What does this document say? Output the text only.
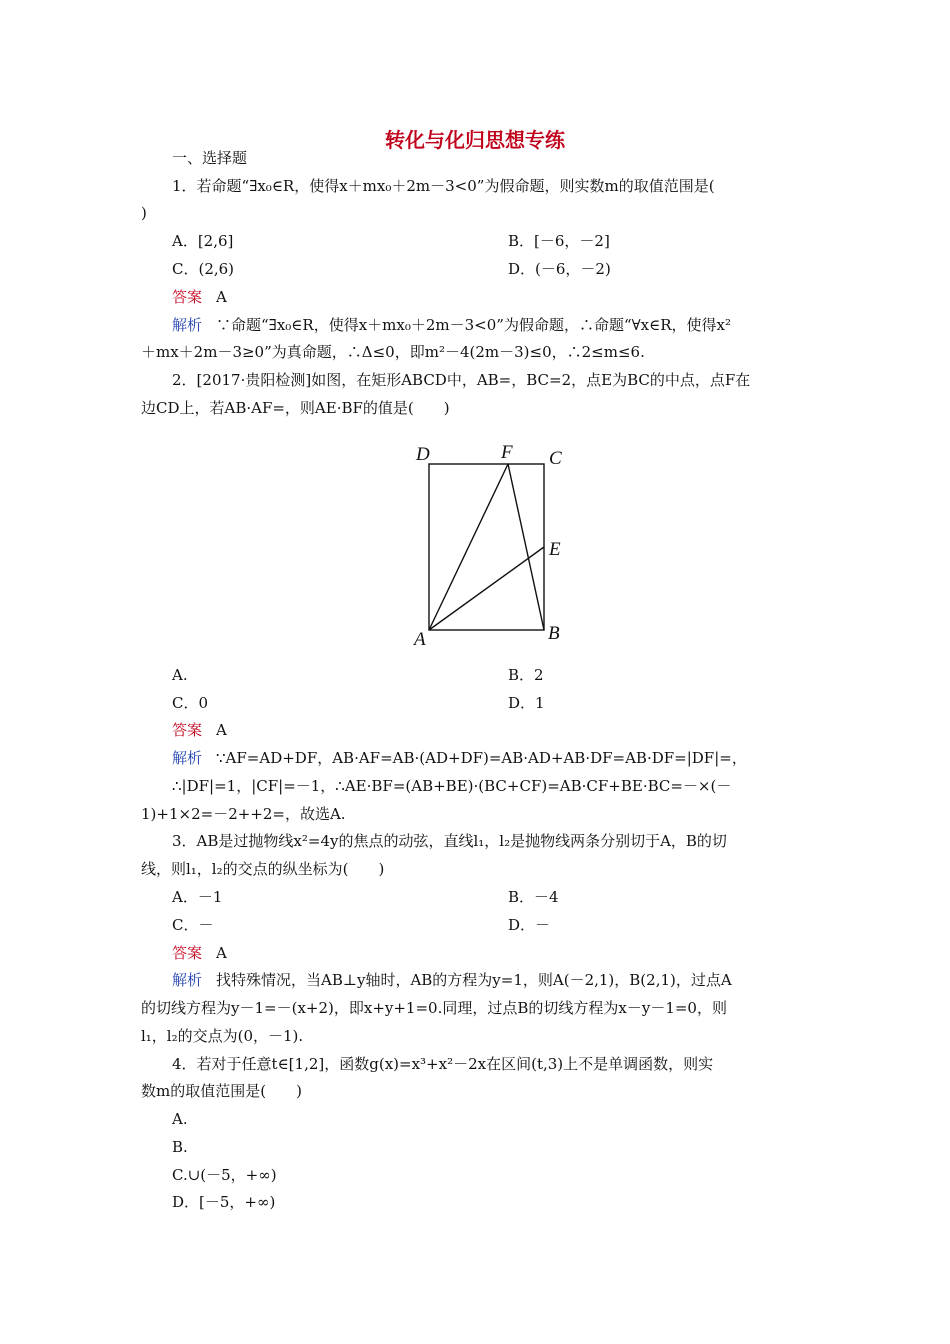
转化与化归思想专练
一、选择题
1．若命题“∃x₀∈R，使得x＋mx₀＋2m－3<0”为假命题，则实数m的取值范围是(
)
A．[2,6]	B．[－6，－2]
C．(2,6)	D．(－6，－2)
答案 A
解析 ∵命题“∃x₀∈R，使得x＋mx₀＋2m－3<0”为假命题，∴命题“∀x∈R，使得x²
＋mx＋2m－3≥0”为真命题，∴Δ≤0，即m²－4(2m－3)≤0，∴2≤m≤6.
2．[2017·贵阳检测]如图，在矩形ABCD中，AB=，BC=2，点E为BC的中点，点F在
边CD上，若AB·AF=，则AE·BF的值是(　　)
D	F C
E
A	B
A.	B．2
C．0	D．1
答案 A
解析 ∵AF=AD+DF，AB·AF=AB·(AD+DF)=AB·AD+AB·DF=AB·DF=|DF|=，
∴|DF|=1，|CF|=－1，∴AE·BF=(AB+BE)·(BC+CF)=AB·CF+BE·BC=－×(－
1)+1×2=－2++2=，故选A.
3．AB是过抛物线x²=4y的焦点的动弦，直线l₁，l₂是抛物线两条分别切于A，B的切
线，则l₁，l₂的交点的纵坐标为(　　)
A．－1	B．－4
C．－	D．－
答案 A
解析 找特殊情况，当AB⊥y轴时，AB的方程为y=1，则A(－2,1)，B(2,1)，过点A
的切线方程为y－1=－(x+2)，即x+y+1=0.同理，过点B的切线方程为x－y－1=0，则
l₁，l₂的交点为(0，－1).
4．若对于任意t∈[1,2]，函数g(x)=x³+x²－2x在区间(t,3)上不是单调函数，则实
数m的取值范围是(　　)
A.
B.
C.∪(－5，+∞)
D．[－5，+∞)
